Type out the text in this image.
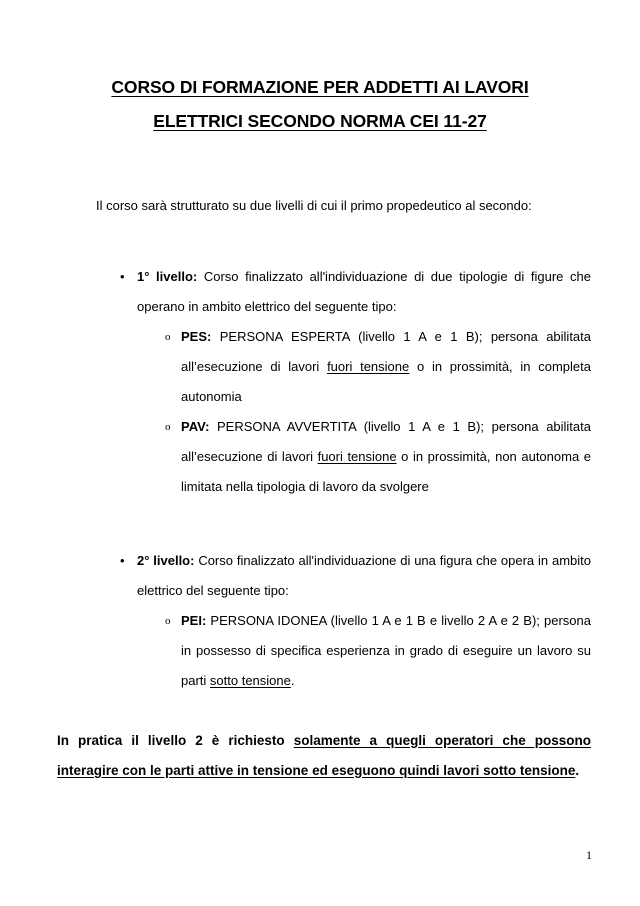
CORSO DI FORMAZIONE PER ADDETTI AI LAVORI
ELETTRICI SECONDO NORMA CEI 11-27

Il corso sarà strutturato su due livelli di cui il primo propedeutico al secondo:

• 1° livello: Corso finalizzato all'individuazione di due tipologie di figure che operano in ambito elettrico del seguente tipo:
o PES: PERSONA ESPERTA (livello 1 A e 1 B); persona abilitata all’esecuzione di lavori fuori tensione o in prossimità, in completa autonomia
o PAV: PERSONA AVVERTITA (livello 1 A e 1 B); persona abilitata all’esecuzione di lavori fuori tensione o in prossimità, non autonoma e limitata nella tipologia di lavoro da svolgere
• 2° livello: Corso finalizzato all'individuazione di una figura che opera in ambito elettrico del seguente tipo:
o PEI: PERSONA IDONEA (livello 1 A e 1 B e livello 2 A e 2 B); persona in possesso di specifica esperienza in grado di eseguire un lavoro su parti sotto tensione.

In pratica il livello 2 è richiesto solamente a quegli operatori che possono interagire con le parti attive in tensione ed eseguono quindi lavori sotto tensione.

1
